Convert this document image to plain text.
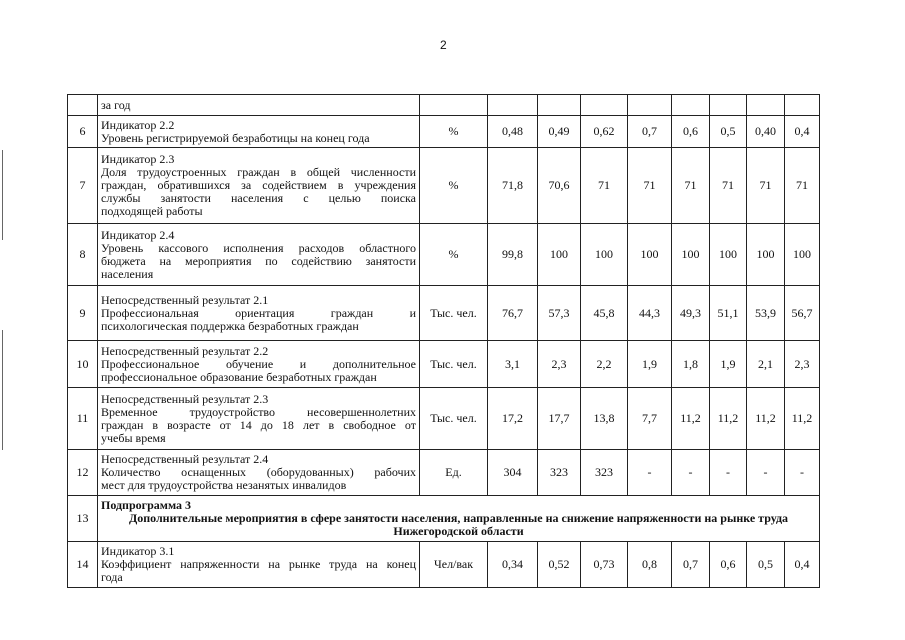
2

	за год									

6	Индикатор 2.2
Уровень регистрируемой безработицы на конец года	%	0,48	0,49	0,62	0,7	0,6	0,5	0,40	0,4
7	Индикатор 2.3
Доля трудоустроенных граждан в общей численности
граждан, обратившихся за содействием в учреждения
службы занятости населения с целью поиска
подходящей работы	%	71,8	70,6	71	71	71	71	71	71
8	Индикатор 2.4
Уровень кассового исполнения расходов областного
бюджета на мероприятия по содействию занятости
населения	%	99,8	100	100	100	100	100	100	100
9	Непосредственный результат 2.1
Профессиональная ориентация граждан и
психологическая поддержка безработных граждан	Тыс. чел.	76,7	57,3	45,8	44,3	49,3	51,1	53,9	56,7
10	Непосредственный результат 2.2
Профессиональное обучение и дополнительное
профессиональное образование безработных граждан	Тыс. чел.	3,1	2,3	2,2	1,9	1,8	1,9	2,1	2,3
11	Непосредственный результат 2.3
Временное трудоустройство несовершеннолетних
граждан в возрасте от 14 до 18 лет в свободное от
учебы время	Тыс. чел.	17,2	17,7	13,8	7,7	11,2	11,2	11,2	11,2
12	Непосредственный результат 2.4
Количество оснащенных (оборудованных) рабочих
мест для трудоустройства незанятых инвалидов	Ед.	304	323	323	-	-	-	-	-
13	Подпрограмма 3
Дополнительные мероприятия в сфере занятости населения, направленные на снижение напряженности на рынке труда
Нижегородской области									

14	Индикатор 3.1
Коэффициент напряженности на рынке труда на конец
года	Чел/вак	0,34	0,52	0,73	0,8	0,7	0,6	0,5	0,4
